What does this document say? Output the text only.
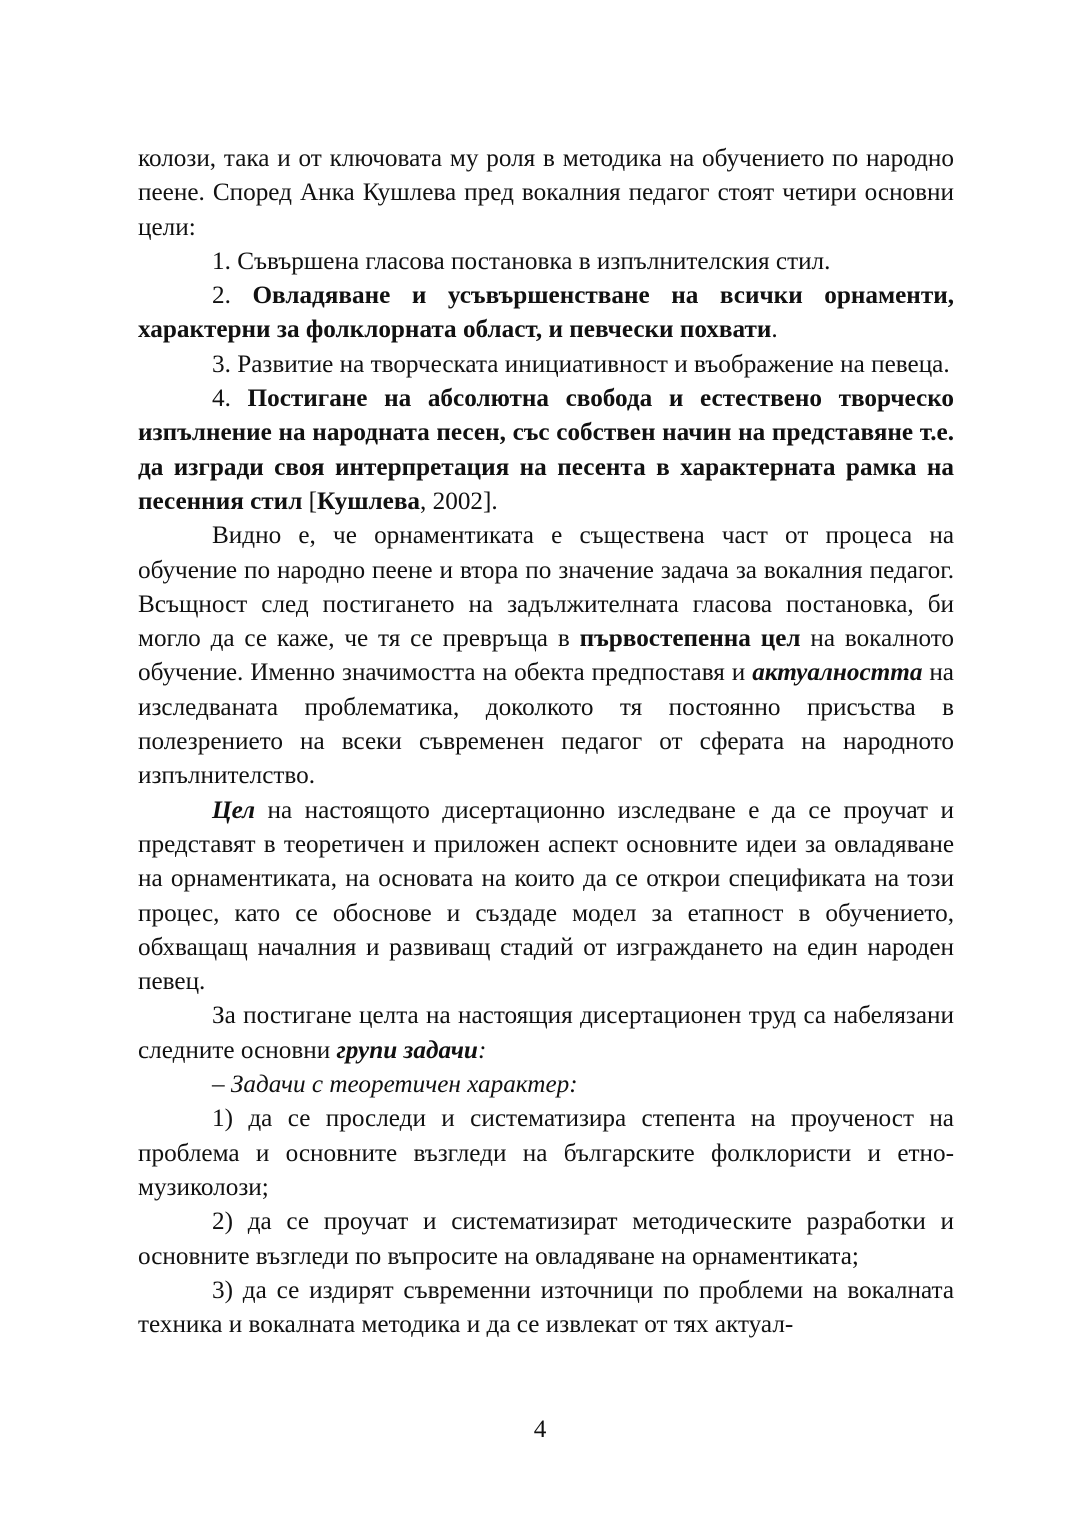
колози, така и от ключовата му роля в методика на обучението по народно пеене. Според Анка Кушлева пред вокалния педагог стоят четири основни цели:

1. Съвършена гласова постановка в изпълнителския стил.

2. Овладяване и усъвършенстване на всички орнаменти, характерни за фолклорната област, и певчески похвати.

3. Развитие на творческата инициативност и въображение на певеца.

4. Постигане на абсолютна свобода и естествено творческо изпълнение на народната песен, със собствен начин на представяне т.е. да изгради своя интерпретация на песента в характерната рамка на песенния стил [Кушлева, 2002].

Видно е, че орнаментиката е съществена част от процеса на обучение по народно пеене и втора по значение задача за вокалния педагог. Всъщност след постигането на задължителната гласова постановка, би могло да се каже, че тя се превръща в първостепенна цел на вокалното обучение. Именно значимостта на обекта предпоставя и актуалността на изследваната проблематика, доколкото тя постоянно присъства в полезрението на всеки съвременен педагог от сферата на народното изпълнителство.

Цел на настоящото дисертационно изследване е да се проучат и представят в теоретичен и приложен аспект основните идеи за овладяване на орнаментиката, на основата на които да се открои спецификата на този процес, като се обоснове и създаде модел за етапност в обучението, обхващащ началния и развиващ стадий от изграждането на един народен певец.

За постигане целта на настоящия дисертационен труд са набелязани следните основни групи задачи:

– Задачи с теоретичен характер:

1) да се проследи и систематизира степента на проученост на проблема и основните възгледи на българските фолклористи и етномузиколози;

2) да се проучат и систематизират методическите разработки и основните възгледи по въпросите на овладяване на орнаментиката;

3) да се издирят съвременни източници по проблеми на вокалната техника и вокалната методика и да се извлекат от тях актуал-

4
